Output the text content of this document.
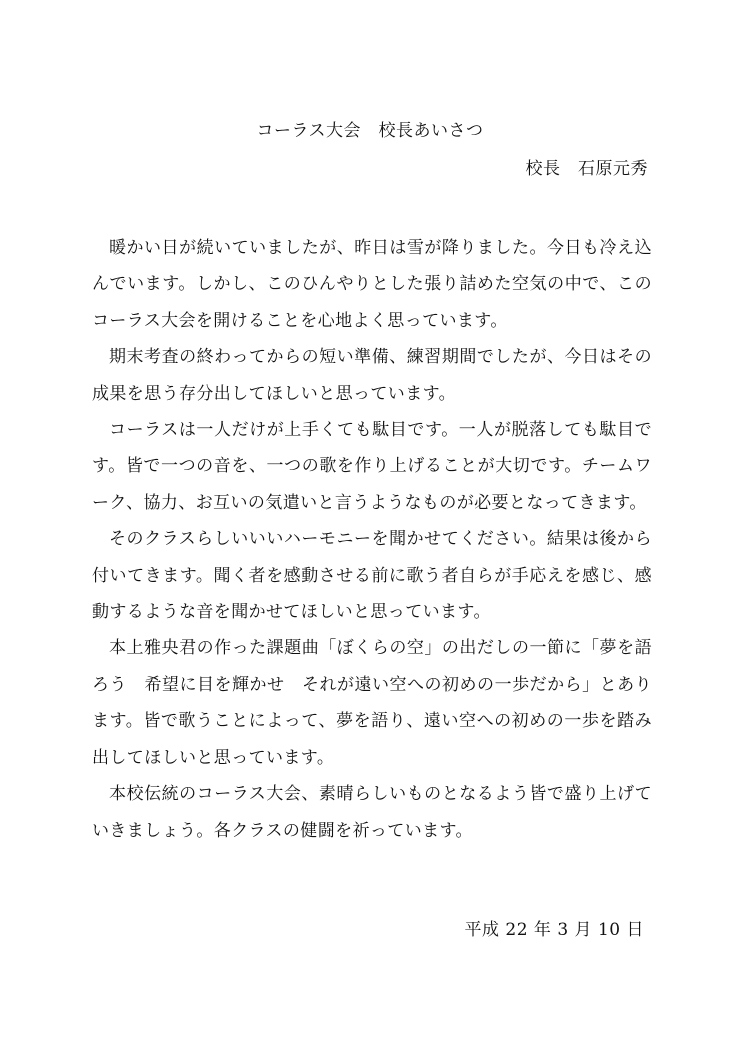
コーラス大会　校長あいさつ
校長　石原元秀

暖かい日が続いていましたが、昨日は雪が降りました。今日も冷え込んでいます。しかし、このひんやりとした張り詰めた空気の中で、このコーラス大会を開けることを心地よく思っています。

期末考査の終わってからの短い準備、練習期間でしたが、今日はその成果を思う存分出してほしいと思っています。

コーラスは一人だけが上手くても駄目です。一人が脱落しても駄目です。皆で一つの音を、一つの歌を作り上げることが大切です。チームワーク、協力、お互いの気遣いと言うようなものが必要となってきます。

そのクラスらしいいいハーモニーを聞かせてください。結果は後から付いてきます。聞く者を感動させる前に歌う者自らが手応えを感じ、感動するような音を聞かせてほしいと思っています。

本上雅央君の作った課題曲「ぼくらの空」の出だしの一節に「夢を語ろう　希望に目を輝かせ　それが遠い空への初めの一歩だから」とあります。皆で歌うことによって、夢を語り、遠い空への初めの一歩を踏み出してほしいと思っています。

本校伝統のコーラス大会、素晴らしいものとなるよう皆で盛り上げていきましょう。各クラスの健闘を祈っています。

平成 22 年 3 月 10 日
